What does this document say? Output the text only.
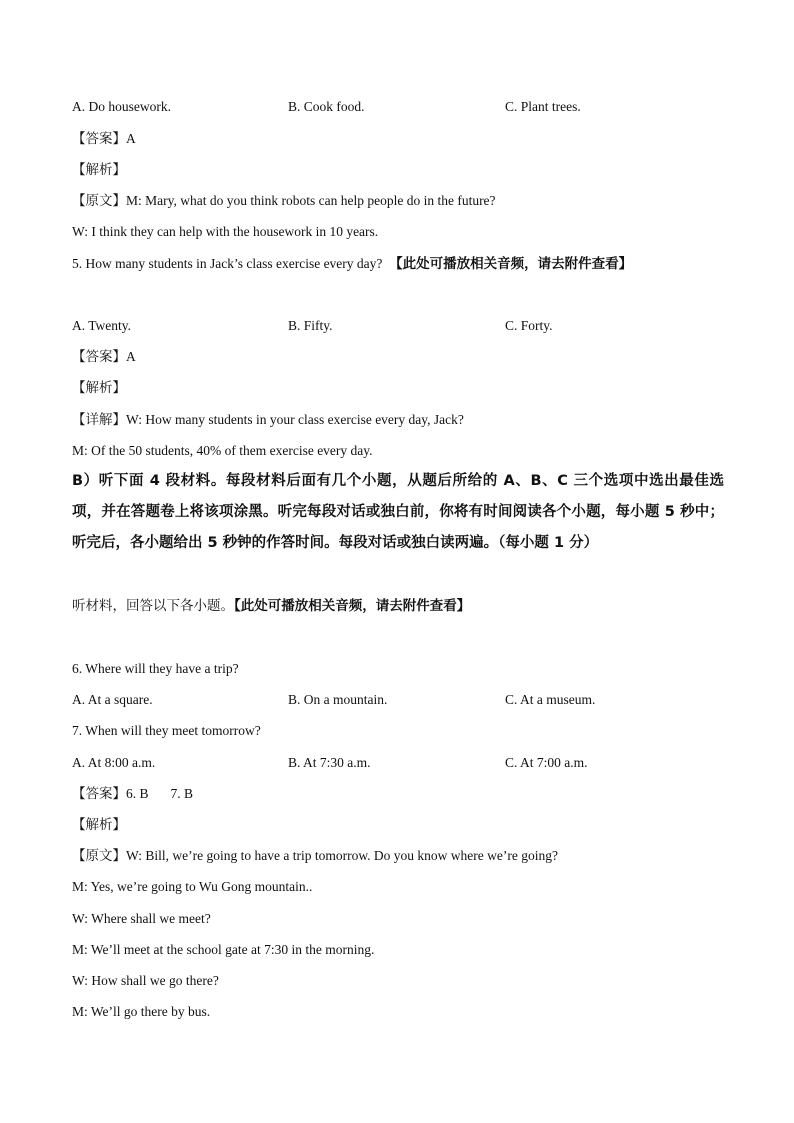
A. Do housework.	B. Cook food.	C. Plant trees.
【答案】A
【解析】
【原文】M: Mary, what do you think robots can help people do in the future?
W: I think they can help with the housework in 10 years.
5. How many students in Jack’s class exercise every day? 【此处可播放相关音频，请去附件查看】
A. Twenty.	B. Fifty.	C. Forty.
【答案】A
【解析】
【详解】W: How many students in your class exercise every day, Jack?
M: Of the 50 students, 40% of them exercise every day.
B）听下面 4 段材料。每段材料后面有几个小题，从题后所给的 A、B、C 三个选项中选出最佳选项，并在答题卷上将该项涂黑。听完每段对话或独白前，你将有时间阅读各个小题，每小题 5 秒中；听完后，各小题给出 5 秒钟的作答时间。每段对话或独白读两遍。（每小题 1 分）
听材料，回答以下各小题。【此处可播放相关音频，请去附件查看】
6. Where will they have a trip?
A. At a square.	B. On a mountain.	C. At a museum.
7. When will they meet tomorrow?
A. At 8:00 a.m.	B. At 7:30 a.m.	C. At 7:00 a.m.
【答案】6. B 7. B
【解析】
【原文】W: Bill, we’re going to have a trip tomorrow. Do you know where we’re going?
M: Yes, we’re going to Wu Gong mountain..
W: Where shall we meet?
M: We’ll meet at the school gate at 7:30 in the morning.
W: How shall we go there?
M: We’ll go there by bus.
